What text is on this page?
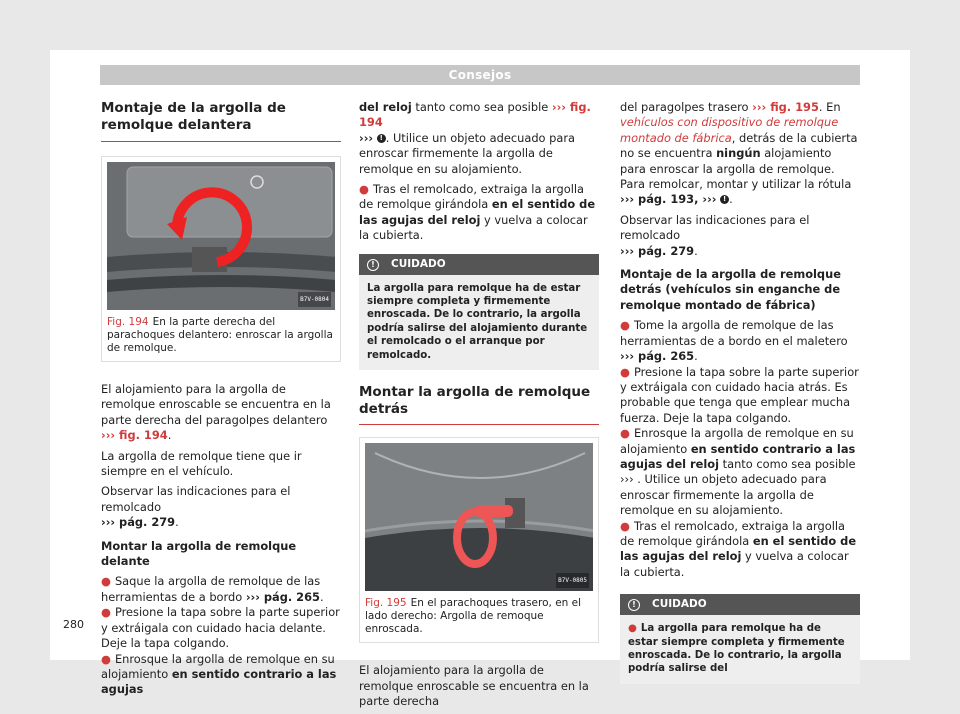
Consejos
Montaje de la argolla de remolque delantera
B7V-0804
Fig. 194 En la parte derecha del parachoques delantero: enroscar la argolla de remolque.

El alojamiento para la argolla de remolque enroscable se encuentra en la parte derecha del paragolpes delantero ››› fig. 194.

La argolla de remolque tiene que ir siempre en el vehículo.

Observar las indicaciones para el remolcado
››› pág. 279.

Montar la argolla de remolque delante

● Saque la argolla de remolque de las herramientas de a bordo ››› pág. 265.
● Presione la tapa sobre la parte superior y extráigala con cuidado hacia delante. Deje la tapa colgando.
● Enrosque la argolla de remolque en su alojamiento en sentido contrario a las agujas

del reloj tanto como sea posible ››› fig. 194
››› ! . Utilice un objeto adecuado para enroscar firmemente la argolla de remolque en su alojamiento.

● Tras el remolcado, extraiga la argolla de remolque girándola en el sentido de las agujas del reloj y vuelva a colocar la cubierta.
! CUIDADO
La argolla para remolque ha de estar siempre completa y firmemente enroscada. De lo contrario, la argolla podría salirse del alojamiento durante el remolcado o el arranque por remolcado.
Montar la argolla de remolque detrás
B7V-0805
Fig. 195 En el parachoques trasero, en el lado derecho: Argolla de remoque enroscada.

El alojamiento para la argolla de remolque enroscable se encuentra en la parte derecha

del paragolpes trasero ››› fig. 195. En vehículos con dispositivo de remolque montado de fábrica, detrás de la cubierta no se encuentra ningún alojamiento para enroscar la argolla de remolque. Para remolcar, montar y utilizar la rótula ››› pág. 193, ››› ! .

Observar las indicaciones para el remolcado
››› pág. 279.

Montaje de la argolla de remolque detrás (vehículos sin enganche de remolque montado de fábrica)

● Tome la argolla de remolque de las herramientas de a bordo en el maletero ››› pág. 265.
● Presione la tapa sobre la parte superior y extráigala con cuidado hacia atrás. Es probable que tenga que emplear mucha fuerza. Deje la tapa colgando.
● Enrosque la argolla de remolque en su alojamiento en sentido contrario a las agujas del reloj tanto como sea posible ››› . Utilice un objeto adecuado para enroscar firmemente la argolla de remolque en su alojamiento.
● Tras el remolcado, extraiga la argolla de remolque girándola en el sentido de las agujas del reloj y vuelva a colocar la cubierta.
! CUIDADO
● La argolla para remolque ha de estar siempre completa y firmemente enroscada. De lo contrario, la argolla podría salirse del
280
